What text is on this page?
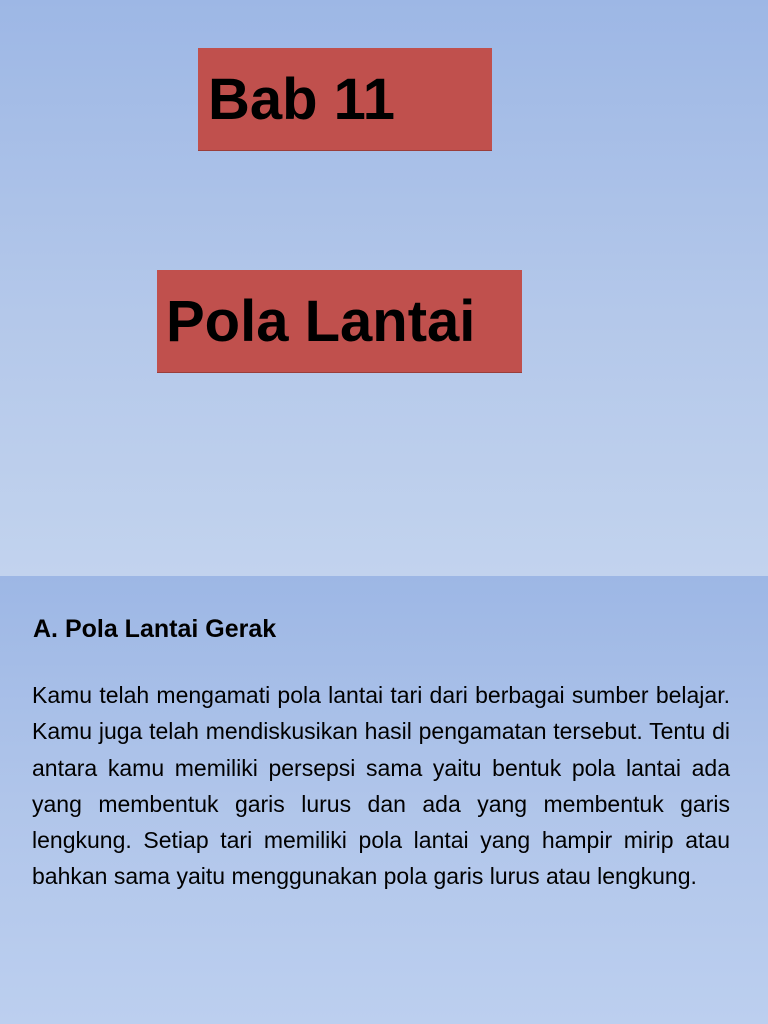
Bab 11
Pola Lantai
A. Pola Lantai Gerak

Kamu telah mengamati pola lantai tari dari berbagai sumber belajar. Kamu juga telah mendiskusikan hasil pengamatan tersebut. Tentu di antara kamu memiliki persepsi sama yaitu bentuk pola lantai ada yang membentuk garis lurus dan ada yang membentuk garis lengkung. Setiap tari memiliki pola lantai yang hampir mirip atau bahkan sama yaitu menggunakan pola garis lurus atau lengkung.
